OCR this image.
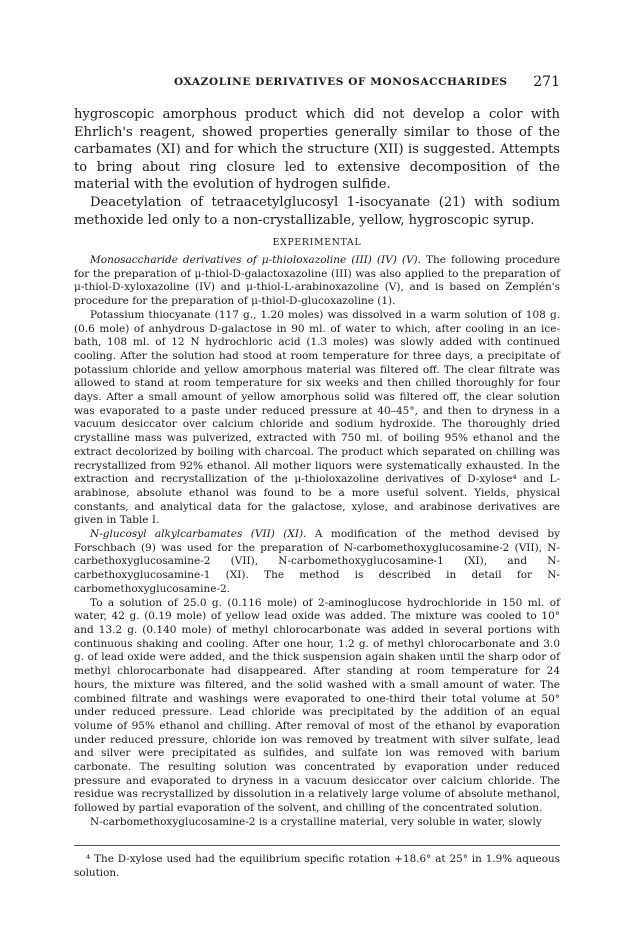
OXAZOLINE DERIVATIVES OF MONOSACCHARIDES 271

hygroscopic amorphous product which did not develop a color with Ehrlich's reagent, showed properties generally similar to those of the carbamates (XI) and for which the structure (XII) is suggested. Attempts to bring about ring closure led to extensive decomposition of the material with the evolution of hydrogen sulfide.

Deacetylation of tetraacetylglucosyl 1-isocyanate (21) with sodium methoxide led only to a non-crystallizable, yellow, hygroscopic syrup.

EXPERIMENTAL

Monosaccharide derivatives of μ-thioloxazoline (III) (IV) (V). The following procedure for the preparation of μ-thiol-D-galactoxazoline (III) was also applied to the preparation of μ-thiol-D-xyloxazoline (IV) and μ-thiol-L-arabinoxazoline (V), and is based on Zemplén's procedure for the preparation of μ-thiol-D-glucoxazoline (1).

Potassium thiocyanate (117 g., 1.20 moles) was dissolved in a warm solution of 108 g. (0.6 mole) of anhydrous D-galactose in 90 ml. of water to which, after cooling in an ice-bath, 108 ml. of 12 N hydrochloric acid (1.3 moles) was slowly added with continued cooling. After the solution had stood at room temperature for three days, a precipitate of potassium chloride and yellow amorphous material was filtered off. The clear filtrate was allowed to stand at room temperature for six weeks and then chilled thoroughly for four days. After a small amount of yellow amorphous solid was filtered off, the clear solution was evaporated to a paste under reduced pressure at 40–45°, and then to dryness in a vacuum desiccator over calcium chloride and sodium hydroxide. The thoroughly dried crystalline mass was pulverized, extracted with 750 ml. of boiling 95% ethanol and the extract decolorized by boiling with charcoal. The product which separated on chilling was recrystallized from 92% ethanol. All mother liquors were systematically exhausted. In the extraction and recrystallization of the μ-thioloxazoline derivatives of D-xylose⁴ and L-arabinose, absolute ethanol was found to be a more useful solvent. Yields, physical constants, and analytical data for the galactose, xylose, and arabinose derivatives are given in Table I.

N-glucosyl alkylcarbamates (VII) (XI). A modification of the method devised by Forschbach (9) was used for the preparation of N-carbomethoxyglucosamine-2 (VII), N-carbethoxyglucosamine-2 (VII), N-carbomethoxyglucosamine-1 (XI), and N-carbethoxyglucosamine-1 (XI). The method is described in detail for N-carbomethoxyglucosamine-2.

To a solution of 25.0 g. (0.116 mole) of 2-aminoglucose hydrochloride in 150 ml. of water, 42 g. (0.19 mole) of yellow lead oxide was added. The mixture was cooled to 10° and 13.2 g. (0.140 mole) of methyl chlorocarbonate was added in several portions with continuous shaking and cooling. After one hour, 1.2 g. of methyl chlorocarbonate and 3.0 g. of lead oxide were added, and the thick suspension again shaken until the sharp odor of methyl chlorocarbonate had disappeared. After standing at room temperature for 24 hours, the mixture was filtered, and the solid washed with a small amount of water. The combined filtrate and washings were evaporated to one-third their total volume at 50° under reduced pressure. Lead chloride was precipitated by the addition of an equal volume of 95% ethanol and chilling. After removal of most of the ethanol by evaporation under reduced pressure, chloride ion was removed by treatment with silver sulfate, lead and silver were precipitated as sulfides, and sulfate ion was removed with barium carbonate. The resulting solution was concentrated by evaporation under reduced pressure and evaporated to dryness in a vacuum desiccator over calcium chloride. The residue was recrystallized by dissolution in a relatively large volume of absolute methanol, followed by partial evaporation of the solvent, and chilling of the concentrated solution.

N-carbomethoxyglucosamine-2 is a crystalline material, very soluble in water, slowly

⁴ The D-xylose used had the equilibrium specific rotation +18.6° at 25° in 1.9% aqueous solution.
